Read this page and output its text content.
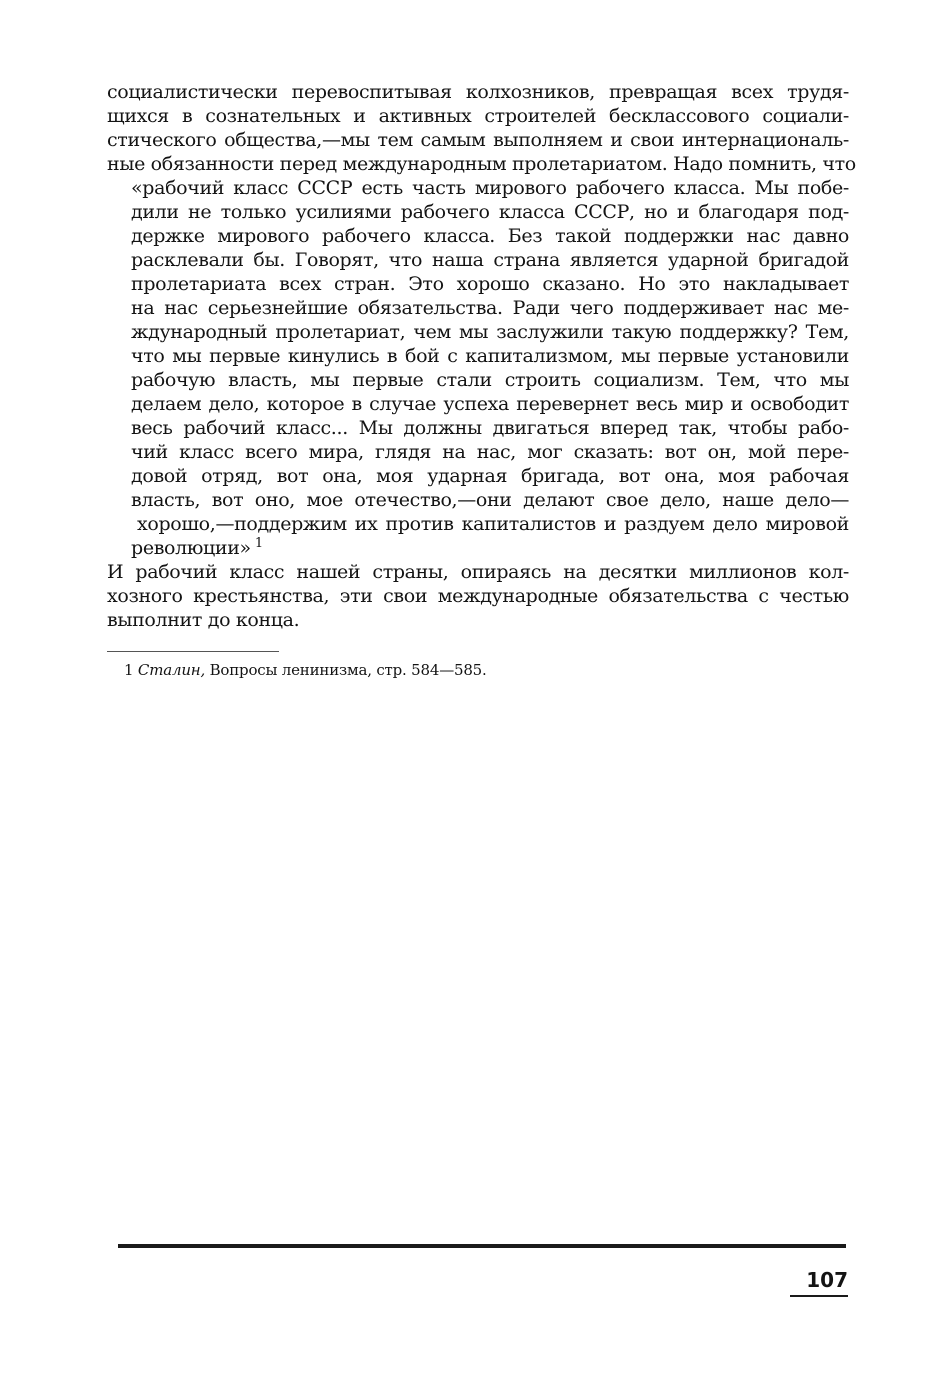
социалистически перевоспитывая колхозников, превращая всех трудя-
щихся в сознательных и активных строителей бесклассового социали-
стического общества,—мы тем самым выполняем и свои интернациональ-
ные обязанности перед международным пролетариатом. Надо помнить, что
«рабочий класс СССР есть часть мирового рабочего класса. Мы побе-
дили не только усилиями рабочего класса СССР, но и благодаря под-
держке мирового рабочего класса. Без такой поддержки нас давно
расклевали бы. Говорят, что наша страна является ударной бригадой
пролетариата всех стран. Это хорошо сказано. Но это накладывает
на нас серьезнейшие обязательства. Ради чего поддерживает нас ме-
ждународный пролетариат, чем мы заслужили такую поддержку? Тем,
что мы первые кинулись в бой с капитализмом, мы первые установили
рабочую власть, мы первые стали строить социализм. Тем, что мы
делаем дело, которое в случае успеха перевернет весь мир и освободит
весь рабочий класс... Мы должны двигаться вперед так, чтобы рабо-
чий класс всего мира, глядя на нас, мог сказать: вот он, мой пере-
довой отряд, вот она, моя ударная бригада, вот она, моя рабочая
власть, вот оно, мое отечество,—они делают свое дело, наше дело—
хорошо,—поддержим их против капиталистов и раздуем дело мировой
революции» $^1$
И рабочий класс нашей страны, опираясь на десятки миллионов кол-
хозного крестьянства, эти свои международные обязательства с честью
выполнит до конца.
1 Сталин, Вопросы ленинизма, стр. 584—585.
107
